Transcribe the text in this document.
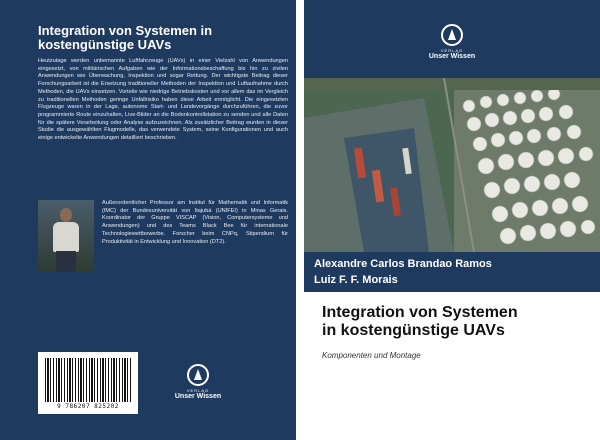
Integration von Systemen in
kostengünstige UAVs

Heutzutage werden unbemannte Luftfahrzeuge (UAVs) in einer Vielzahl von Anwendungen eingesetzt, von militärischen Aufgaben wie der Informationsbeschaffung bis hin zu zivilen Anwendungen wie Überwachung, Inspektion und sogar Rettung. Der wichtigste Beitrag dieser Forschungsarbeit ist die Ersetzung traditioneller Methoden der Inspektion und Luftaufnahme durch Methoden, die UAVs einsetzen. Vorteile wie niedrige Betriebskosten und vor allem das im Vergleich zu traditionellen Methoden geringe Unfallrisiko haben diese Arbeit ermöglicht. Die eingesetzten Flugzeuge waren in der Lage, autonome Start- und Landevorgänge durchzuführen, die zuvor programmierte Route einzuhalten, Live-Bilder an die Bodenkontrollstation zu senden und alle Daten für die spätere Verarbeitung oder Analyse aufzuzeichnen. Als zusätzlicher Beitrag wurden in dieser Studie die ausgewählten Flugmodelle, das verwendete System, seine Konfigurationen und auch einige entwickelte Anwendungen detailliert beschrieben.

Außerordentlicher Professor am Institut für Mathematik und Informatik (IMC) der Bundesuniversität von Itajubá (UNIFEI) in Minas Gerais. Koordinator der Gruppe VISCAP (Vision, Computersysteme und Anwendungen) und des Teams Black Bee für internationale Technologiewettbewerbe. Forscher beim CNPq, Stipendium für Produktivität in Entwicklung und Innovation (DT2).

9 786207 825202
VERLAG
Unser Wissen
VERLAG
Unser Wissen

Alexandre Carlos Brandao Ramos

Luiz F. F. Morais

Integration von Systemen
in kostengünstige UAVs

Komponenten und Montage
